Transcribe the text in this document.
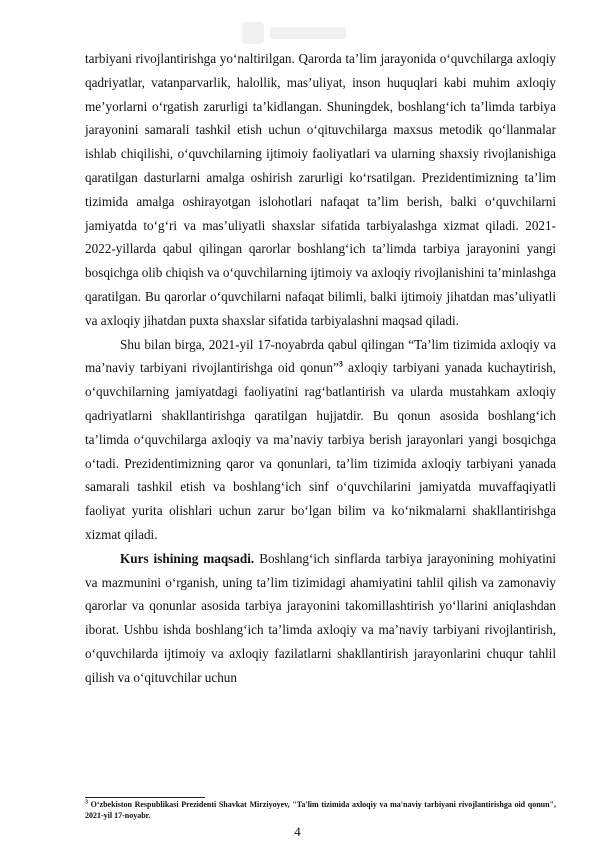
tarbiyani rivojlantirishga yo‘naltirilgan. Qarorda ta’lim jarayonida o‘quvchilarga axloqiy qadriyatlar, vatanparvarlik, halollik, mas’uliyat, inson huquqlari kabi muhim axloqiy me’yorlarni o‘rgatish zarurligi ta’kidlangan. Shuningdek, boshlang‘ich ta’limda tarbiya jarayonini samarali tashkil etish uchun o‘qituvchilarga maxsus metodik qo‘llanmalar ishlab chiqilishi, o‘quvchilarning ijtimoiy faoliyatlari va ularning shaxsiy rivojlanishiga qaratilgan dasturlarni amalga oshirish zarurligi ko‘rsatilgan. Prezidentimizning ta’lim tizimida amalga oshirayotgan islohotlari nafaqat ta’lim berish, balki o‘quvchilarni jamiyatda to‘g‘ri va mas’uliyatli shaxslar sifatida tarbiyalashga xizmat qiladi. 2021-2022-yillarda qabul qilingan qarorlar boshlang‘ich ta’limda tarbiya jarayonini yangi bosqichga olib chiqish va o‘quvchilarning ijtimoiy va axloqiy rivojlanishini ta’minlashga qaratilgan. Bu qarorlar o‘quvchilarni nafaqat bilimli, balki ijtimoiy jihatdan mas’uliyatli va axloqiy jihatdan puxta shaxslar sifatida tarbiyalashni maqsad qiladi.

Shu bilan birga, 2021-yil 17-noyabrda qabul qilingan “Ta’lim tizimida axloqiy va ma’naviy tarbiyani rivojlantirishga oid qonun”$^3$ axloqiy tarbiyani yanada kuchaytirish, o‘quvchilarning jamiyatdagi faoliyatini rag‘batlantirish va ularda mustahkam axloqiy qadriyatlarni shakllantirishga qaratilgan hujjatdir. Bu qonun asosida boshlang‘ich ta’limda o‘quvchilarga axloqiy va ma’naviy tarbiya berish jarayonlari yangi bosqichga o‘tadi. Prezidentimizning qaror va qonunlari, ta’lim tizimida axloqiy tarbiyani yanada samarali tashkil etish va boshlang‘ich sinf o‘quvchilarini jamiyatda muvaffaqiyatli faoliyat yurita olishlari uchun zarur bo‘lgan bilim va ko‘nikmalarni shakllantirishga xizmat qiladi.

Kurs ishining maqsadi. Boshlang‘ich sinflarda tarbiya jarayonining mohiyatini va mazmunini o‘rganish, uning ta’lim tizimidagi ahamiyatini tahlil qilish va zamonaviy qarorlar va qonunlar asosida tarbiya jarayonini takomillashtirish yo‘llarini aniqlashdan iborat. Ushbu ishda boshlang‘ich ta’limda axloqiy va ma’naviy tarbiyani rivojlantirish, o‘quvchilarda ijtimoiy va axloqiy fazilatlarni shakllantirish jarayonlarini chuqur tahlil qilish va o‘qituvchilar uchun

$^3$ O‘zbekiston Respublikasi Prezidenti Shavkat Mirziyoyev, "Ta'lim tizimida axloqiy va ma'naviy tarbiyani rivojlantirishga oid qonun", 2021-yil 17-noyabr.
4
